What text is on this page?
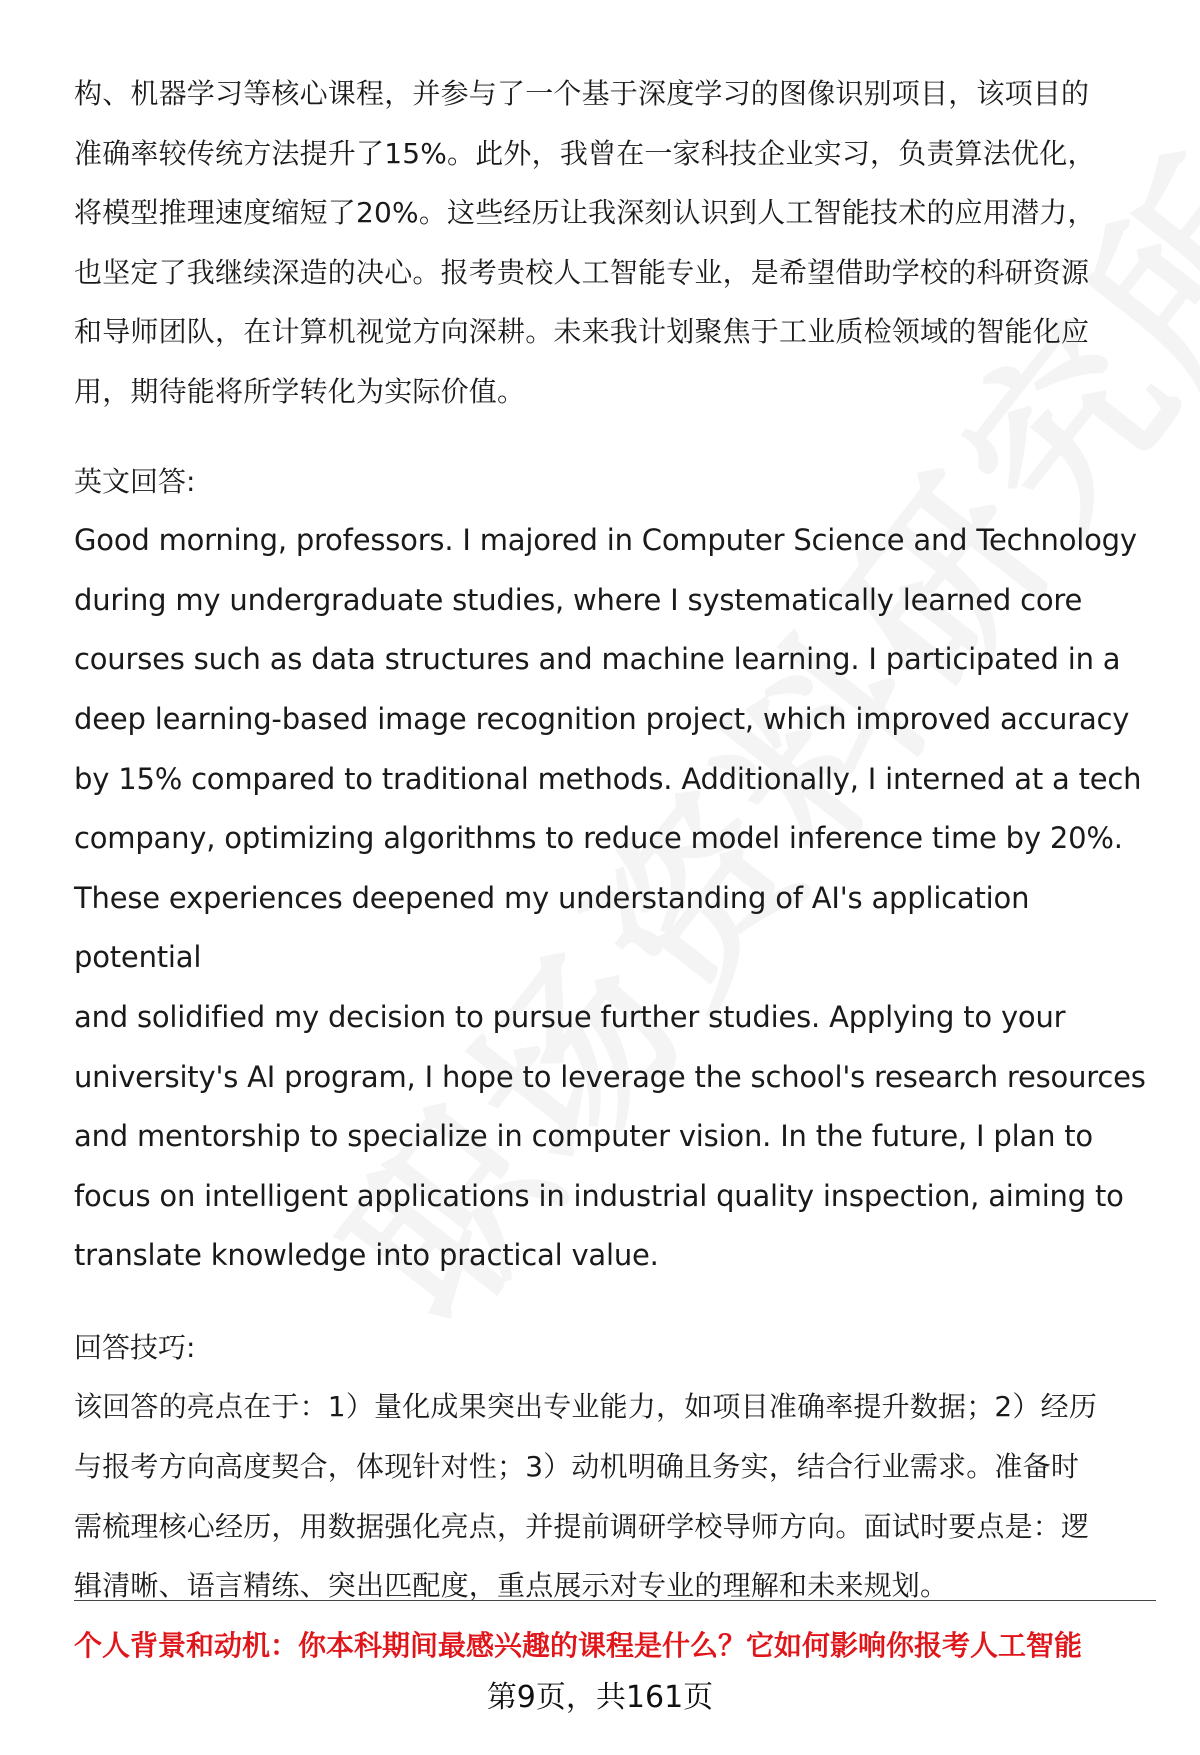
构、机器学习等核心课程，并参与了一个基于深度学习的图像识别项目，该项目的

准确率较传统方法提升了15%。此外，我曾在一家科技企业实习，负责算法优化，

将模型推理速度缩短了20%。这些经历让我深刻认识到人工智能技术的应用潜力，

也坚定了我继续深造的决心。报考贵校人工智能专业，是希望借助学校的科研资源

和导师团队，在计算机视觉方向深耕。未来我计划聚焦于工业质检领域的智能化应

用，期待能将所学转化为实际价值。

英文回答:

Good morning, professors. I majored in Computer Science and Technology

during my undergraduate studies, where I systematically learned core

courses such as data structures and machine learning. I participated in a

deep learning-based image recognition project, which improved accuracy

by 15% compared to traditional methods. Additionally, I interned at a tech

company, optimizing algorithms to reduce model inference time by 20%.

These experiences deepened my understanding of AI's application potential

and solidified my decision to pursue further studies. Applying to your

university's AI program, I hope to leverage the school's research resources

and mentorship to specialize in computer vision. In the future, I plan to

focus on intelligent applications in industrial quality inspection, aiming to

translate knowledge into practical value.

回答技巧:

该回答的亮点在于：1）量化成果突出专业能力，如项目准确率提升数据；2）经历

与报考方向高度契合，体现针对性；3）动机明确且务实，结合行业需求。准备时

需梳理核心经历，用数据强化亮点，并提前调研学校导师方向。面试时要点是：逻

辑清晰、语言精练、突出匹配度，重点展示对专业的理解和未来规划。

个人背景和动机：你本科期间最感兴趣的课程是什么？它如何影响你报考人工智能
第9页，共161页
